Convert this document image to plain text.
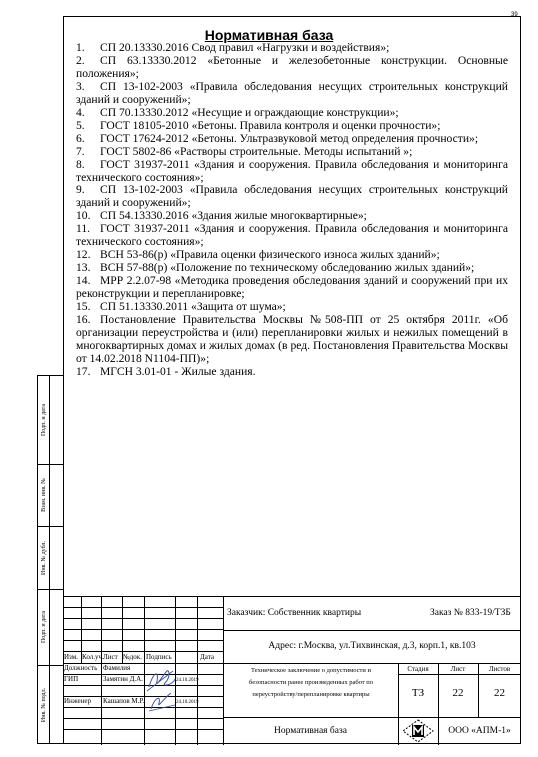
39
Подп. и дата
Взам. инв. №
Инв. № дубл.
Подп. и дата
Инв. № подл.
Нормативная база
1. СП 20.13330.2016 Свод правил «Нагрузки и воздействия»;
2. СП 63.13330.2012 «Бетонные и железобетонные конструкции. Основные положения»;
3. СП 13-102-2003 «Правила обследования несущих строительных конструкций зданий и сооружений»;
4. СП 70.13330.2012 «Несущие и ограждающие конструкции»;
5. ГОСТ 18105-2010 «Бетоны. Правила контроля и оценки прочности»;
6. ГОСТ 17624-2012 «Бетоны. Ультразвуковой метод определения прочности»;
7. ГОСТ 5802-86 «Растворы строительные. Методы испытаний »;
8. ГОСТ 31937-2011 «Здания и сооружения. Правила обследования и мониторинга технического состояния»;
9. СП 13-102-2003 «Правила обследования несущих строительных конструкций зданий и сооружений»;
10. СП 54.13330.2016 «Здания жилые многоквартирные»;
11. ГОСТ 31937-2011 «Здания и сооружения. Правила обследования и мониторинга технического состояния»;
12. ВСН 53-86(р) «Правила оценки физического износа жилых зданий»;
13. ВСН 57-88(р) «Положение по техническому обследованию жилых зданий»;
14. МРР 2.2.07-98 «Методика проведения обследования зданий и сооружений при их реконструкции и перепланировке;
15. СП 51.13330.2011 «Защита от шума»;
16. Постановление Правительства Москвы №508-ПП от 25 октября 2011г. «Об организации переустройства и (или) перепланировки жилых и нежилых помещений в многоквартирных домах и жилых домах (в ред. Постановления Правительства Москвы от 14.02.2018 N1104-ПП)»;
17. МГСН 3.01-01 - Жилые здания.
Изм. Кол.уч. Лист №док. Подпись	Дата
Должность Фамилия
ГИП	Замятин Д.А.	24.10.2019
Инженер Кашапов М.Р.	24.10.2019
Заказчик: Собственник квартиры	Заказ № 833-19/ТЗБ
Адрес: г.Москва, ул.Тихвинская, д.3, корп.1, кв.103
Техническое заключение о допустимости и
безопасности ранее произведенных работ по
переустройству/перепланировке квартиры
Стадия	Лист	Листов
ТЗ	22	22
Нормативная база	ООО «АПМ-1»
